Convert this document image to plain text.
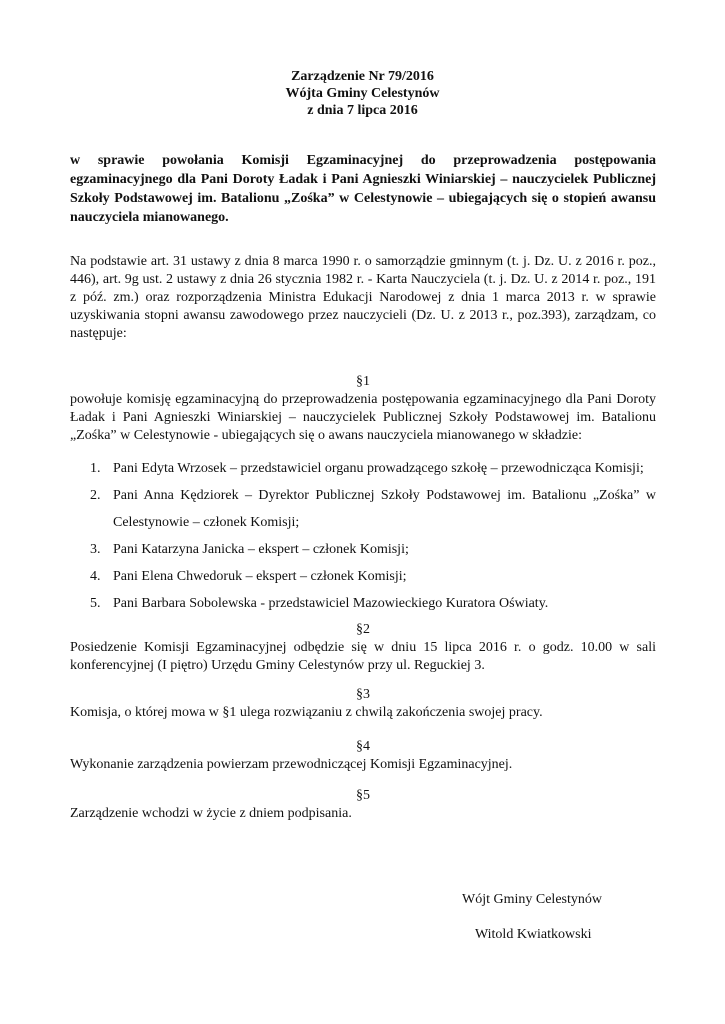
Zarządzenie Nr 79/2016
Wójta Gminy Celestynów
z dnia 7 lipca 2016
w sprawie powołania Komisji Egzaminacyjnej do przeprowadzenia postępowania egzaminacyjnego dla Pani Doroty Ładak i Pani Agnieszki Winiarskiej – nauczycielek Publicznej Szkoły Podstawowej im. Batalionu „Zośka” w Celestynowie – ubiegających się o stopień awansu nauczyciela mianowanego.
Na podstawie art. 31 ustawy z dnia 8 marca 1990 r. o samorządzie gminnym (t. j. Dz. U. z 2016 r. poz., 446), art. 9g ust. 2 ustawy z dnia 26 stycznia 1982 r. - Karta Nauczyciela (t. j. Dz. U. z 2014 r. poz., 191 z póź. zm.) oraz rozporządzenia Ministra Edukacji Narodowej z dnia 1 marca 2013 r. w sprawie uzyskiwania stopni awansu zawodowego przez nauczycieli (Dz. U. z 2013 r., poz.393), zarządzam, co następuje:
§1
powołuje komisję egzaminacyjną do przeprowadzenia postępowania egzaminacyjnego dla Pani Doroty Ładak i Pani Agnieszki Winiarskiej – nauczycielek Publicznej Szkoły Podstawowej im. Batalionu „Zośka” w Celestynowie - ubiegających się o awans nauczyciela mianowanego w składzie:
1. Pani Edyta Wrzosek – przedstawiciel organu prowadzącego szkołę – przewodnicząca Komisji;
2. Pani Anna Kędziorek – Dyrektor Publicznej Szkoły Podstawowej im. Batalionu „Zośka” w Celestynowie – członek Komisji;
3. Pani Katarzyna Janicka – ekspert – członek Komisji;
4. Pani Elena Chwedoruk – ekspert – członek Komisji;
5. Pani Barbara Sobolewska - przedstawiciel Mazowieckiego Kuratora Oświaty.
§2
Posiedzenie Komisji Egzaminacyjnej odbędzie się w dniu 15 lipca 2016 r. o godz. 10.00 w sali konferencyjnej (I piętro) Urzędu Gminy Celestynów przy ul. Reguckiej 3.
§3
Komisja, o której mowa w §1 ulega rozwiązaniu z chwilą zakończenia swojej pracy.
§4
Wykonanie zarządzenia powierzam przewodniczącej Komisji Egzaminacyjnej.
§5
Zarządzenie wchodzi w życie z dniem podpisania.
Wójt Gminy Celestynów
Witold Kwiatkowski
